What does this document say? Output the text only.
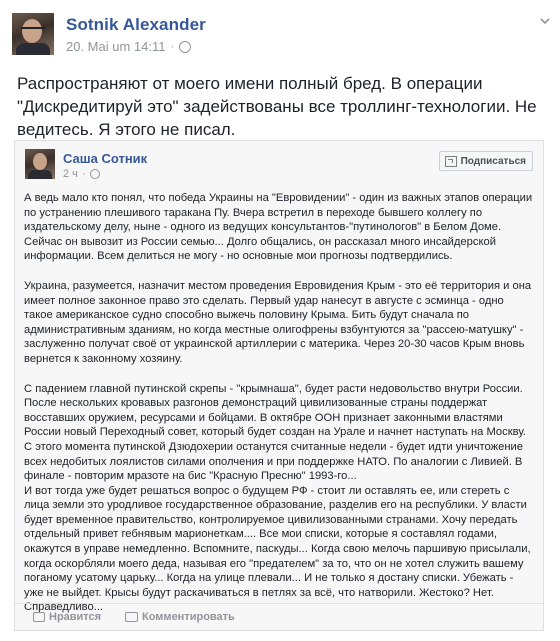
Sotnik Alexander
20. Mai um 14:11 ·
Распространяют от моего имени полный бред. В операции "Дискредитируй это" задействованы все троллинг-технологии. Не ведитесь. Я этого не писал.
Саша Сотник
2 ч ·
Подписаться

А ведь мало кто понял, что победа Украины на "Евровидении" - один из важных этапов операции по устранению плешивого таракана Пу. Вчера встретил в переходе бывшего коллегу по издательскому делу, ныне - одного из ведущих консультантов-"путинологов" в Белом Доме. Сейчас он вывозит из России семью... Долго общались, он рассказал много инсайдерской информации. Всем делиться не могу - но основные мои прогнозы подтвердились.

Украина, разумеется, назначит местом проведения Евровидения Крым - это её территория и она имеет полное законное право это сделать. Первый удар нанесут в августе с эсминца - одно такое американское судно способно выжечь половину Крыма. Бить будут сначала по административным зданиям, но когда местные олигофрены взбунтуются за "рассею-матушку" - заслуженно получат своё от украинской артиллерии с материка. Через 20-30 часов Крым вновь вернется к законному хозяину.

С падением главной путинской скрепы - "крымнаша", будет расти недовольство внутри России. После нескольких кровавых разгонов демонстраций цивилизованные страны поддержат восставших оружием, ресурсами и бойцами. В октябре ООН признает законными властями России новый Переходный совет, который будет создан на Урале и начнет наступать на Москву. С этого момента путинской Дзюдохерии останутся считанные недели - будет идти уничтожение всех недобитых лоялистов силами ополчения и при поддержке НАТО. По аналогии с Ливией. В финале - повторим мразоте на бис "Красную Пресню" 1993-го...

И вот тогда уже будет решаться вопрос о будущем РФ - стоит ли оставлять ее, или стереть с лица земли это уродливое государственное образование, разделив его на республики. У власти будет временное правительство, контролируемое цивилизованными странами. Хочу передать отдельный привет гебнявым марионеткам.... Все мои списки, которые я составлял годами, окажутся в управе немедленно. Вспомните, паскуды... Когда свою мелочь паршивую присылали, когда оскорбляли моего деда, называя его "предателем" за то, что он не хотел служить вашему поганому усатому царьку... Когда на улице плевали... И не только я достану списки. Убежать - уже не выйдет. Крысы будут раскачиваться в петлях за всё, что натворили. Жестоко? Нет. Справедливо...

Нравится	Комментировать
